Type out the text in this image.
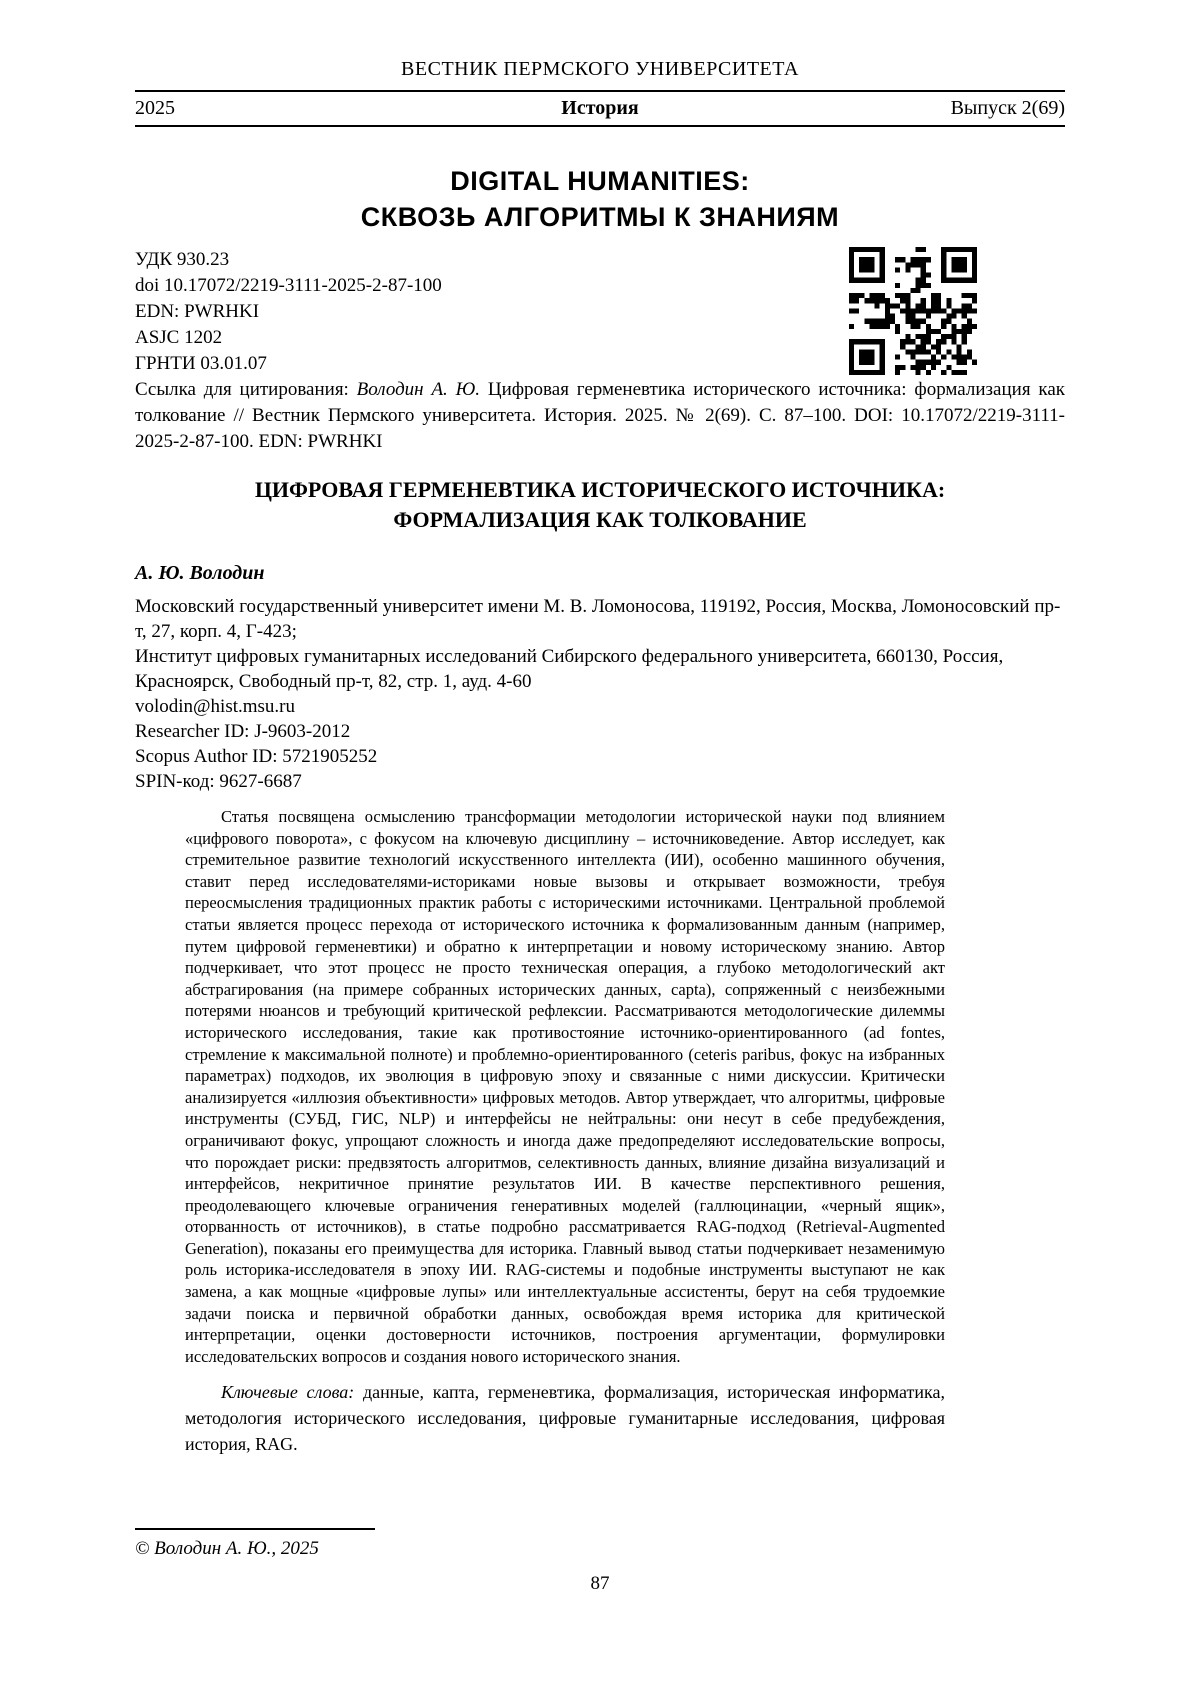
ВЕСТНИК ПЕРМСКОГО УНИВЕРСИТЕТА
2025	История	Выпуск 2(69)
DIGITAL HUMANITIES:
СКВОЗЬ АЛГОРИТМЫ К ЗНАНИЯМ
УДК 930.23
doi 10.17072/2219-3111-2025-2-87-100
EDN: PWRHKI
ASJC 1202
ГРНТИ 03.01.07

Ссылка для цитирования: Володин А. Ю. Цифровая герменевтика исторического источника: формализация как толкование // Вестник Пермского университета. История. 2025. № 2(69). С. 87–100. DOI: 10.17072/2219-3111-2025-2-87-100. EDN: PWRHKI

ЦИФРОВАЯ ГЕРМЕНЕВТИКА ИСТОРИЧЕСКОГО ИСТОЧНИКА:
ФОРМАЛИЗАЦИЯ КАК ТОЛКОВАНИЕ
А. Ю. Володин
Московский государственный университет имени М. В. Ломоносова, 119192, Россия, Москва, Ломоносовский пр-т, 27, корп. 4, Г-423;
Институт цифровых гуманитарных исследований Сибирского федерального университета, 660130, Россия, Красноярск, Свободный пр-т, 82, стр. 1, ауд. 4-60
volodin@hist.msu.ru
Researcher ID: J-9603-2012
Scopus Author ID: 5721905252
SPIN-код: 9627-6687

Статья посвящена осмыслению трансформации методологии исторической науки под влиянием «цифрового поворота», с фокусом на ключевую дисциплину – источниковедение. Автор исследует, как стремительное развитие технологий искусственного интеллекта (ИИ), особенно машинного обучения, ставит перед исследователями-историками новые вызовы и открывает возможности, требуя переосмысления традиционных практик работы с историческими источниками. Центральной проблемой статьи является процесс перехода от исторического источника к формализованным данным (например, путем цифровой герменевтики) и обратно к интерпретации и новому историческому знанию. Автор подчеркивает, что этот процесс не просто техническая операция, а глубоко методологический акт абстрагирования (на примере собранных исторических данных, capta), сопряженный с неизбежными потерями нюансов и требующий критической рефлексии. Рассматриваются методологические дилеммы исторического исследования, такие как противостояние источнико-ориентированного (ad fontes, стремление к максимальной полноте) и проблемно-ориентированного (ceteris paribus, фокус на избранных параметрах) подходов, их эволюция в цифровую эпоху и связанные с ними дискуссии. Критически анализируется «иллюзия объективности» цифровых методов. Автор утверждает, что алгоритмы, цифровые инструменты (СУБД, ГИС, NLP) и интерфейсы не нейтральны: они несут в себе предубеждения, ограничивают фокус, упрощают сложность и иногда даже предопределяют исследовательские вопросы, что порождает риски: предвзятость алгоритмов, селективность данных, влияние дизайна визуализаций и интерфейсов, некритичное принятие результатов ИИ. В качестве перспективного решения, преодолевающего ключевые ограничения генеративных моделей (галлюцинации, «черный ящик», оторванность от источников), в статье подробно рассматривается RAG-подход (Retrieval-Augmented Generation), показаны его преимущества для историка. Главный вывод статьи подчеркивает незаменимую роль историка-исследователя в эпоху ИИ. RAG-системы и подобные инструменты выступают не как замена, а как мощные «цифровые лупы» или интеллектуальные ассистенты, берут на себя трудоемкие задачи поиска и первичной обработки данных, освобождая время историка для критической интерпретации, оценки достоверности источников, построения аргументации, формулировки исследовательских вопросов и создания нового исторического знания.

Ключевые слова: данные, капта, герменевтика, формализация, историческая информатика, методология исторического исследования, цифровые гуманитарные исследования, цифровая история, RAG.

© Володин А. Ю., 2025
87
